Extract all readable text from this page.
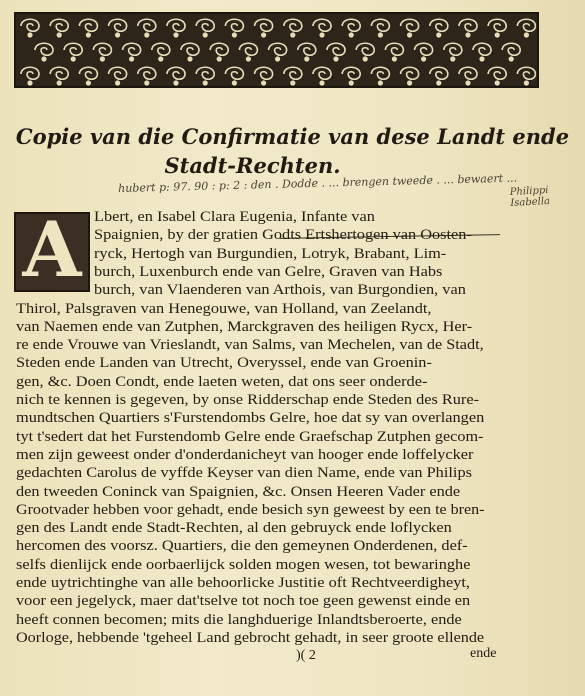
Copie van die Confirmatie van dese Landt ende
Stadt-Rechten.
hubert p: 97. 90 : p: 2 : den . Dodde . ... brengen tweede . ... bewaert ...
Philippi
Isabella
A Lbert, en Isabel Clara Eugenia, Infante van
Spaignien, by der gratien Godts Ertshertogen van Oosten-
ryck, Hertogh van Burgundien, Lotryk, Brabant, Lim-
burch, Luxenburch ende van Gelre, Graven van Habs
burch, van Vlaenderen van Arthois, van Burgondien, van
Thirol, Palsgraven van Henegouwe, van Holland, van Zeelandt,
van Naemen ende van Zutphen, Marckgraven des heiligen Rycx, Her-
re ende Vrouwe van Vrieslandt, van Salms, van Mechelen, van de Stadt,
Steden ende Landen van Utrecht, Overyssel, ende van Groenin-
gen, &c. Doen Condt, ende laeten weten, dat ons seer onderde-
nich te kennen is gegeven, by onse Ridderschap ende Steden des Rure-
mundtschen Quartiers s'Furstendombs Gelre, hoe dat sy van overlangen
tyt t'sedert dat het Furstendomb Gelre ende Graefschap Zutphen gecom-
men zijn geweest onder d'onderdanicheyt van hooger ende loffelycker
gedachten Carolus de vyffde Keyser van dien Name, ende van Philips
den tweeden Coninck van Spaignien, &c. Onsen Heeren Vader ende
Grootvader hebben voor gehadt, ende besich syn geweest by een te bren-
gen des Landt ende Stadt-Rechten, al den gebruyck ende loflycken
hercomen des voorsz. Quartiers, die den gemeynen Onderdenen, def-
selfs dienlijck ende oorbaerlijck solden mogen wesen, tot bewaringhe
ende uytrichtinghe van alle behoorlicke Justitie oft Rechtveerdigheyt,
voor een jegelyck, maer dat'tselve tot noch toe geen gewenst einde en
heeft connen becomen; mits die langhduerige Inlandtsberoerte, ende
Oorloge, hebbende 'tgeheel Land gebrocht gehadt, in seer groote ellende
)( 2	ende
